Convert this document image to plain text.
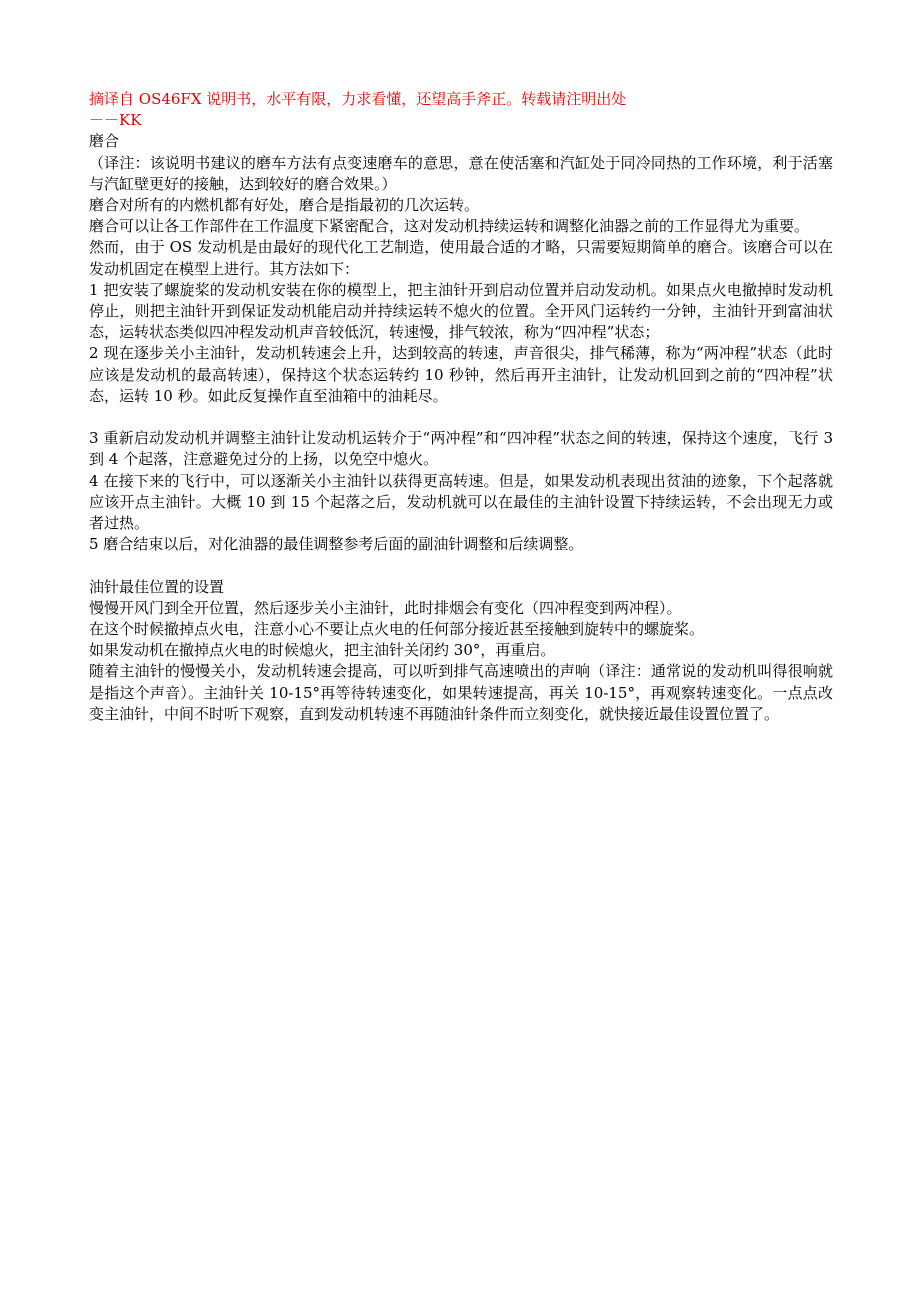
摘译自 OS46FX 说明书，水平有限，力求看懂，还望高手斧正。转载请注明出处

－－KK

磨合

（译注：该说明书建议的磨车方法有点变速磨车的意思，意在使活塞和汽缸处于同冷同热的工作环境，利于活塞与汽缸壁更好的接触，达到较好的磨合效果。）

磨合对所有的内燃机都有好处，磨合是指最初的几次运转。

磨合可以让各工作部件在工作温度下紧密配合，这对发动机持续运转和调整化油器之前的工作显得尤为重要。

然而，由于 OS 发动机是由最好的现代化工艺制造，使用最合适的才略，只需要短期简单的磨合。该磨合可以在发动机固定在模型上进行。其方法如下：

1 把安装了螺旋桨的发动机安装在你的模型上，把主油针开到启动位置并启动发动机。如果点火电撤掉时发动机停止，则把主油针开到保证发动机能启动并持续运转不熄火的位置。全开风门运转约一分钟，主油针开到富油状态，运转状态类似四冲程发动机声音较低沉，转速慢，排气较浓，称为“四冲程”状态；

2 现在逐步关小主油针，发动机转速会上升，达到较高的转速，声音很尖，排气稀薄，称为“两冲程”状态（此时应该是发动机的最高转速），保持这个状态运转约 10 秒钟，然后再开主油针，让发动机回到之前的“四冲程”状态，运转 10 秒。如此反复操作直至油箱中的油耗尽。

3 重新启动发动机并调整主油针让发动机运转介于“两冲程”和“四冲程”状态之间的转速，保持这个速度，飞行 3 到 4 个起落，注意避免过分的上扬，以免空中熄火。

4 在接下来的飞行中，可以逐渐关小主油针以获得更高转速。但是，如果发动机表现出贫油的迹象，下个起落就应该开点主油针。大概 10 到 15 个起落之后，发动机就可以在最佳的主油针设置下持续运转，不会出现无力或者过热。

5 磨合结束以后，对化油器的最佳调整参考后面的副油针调整和后续调整。

油针最佳位置的设置

慢慢开风门到全开位置，然后逐步关小主油针，此时排烟会有变化（四冲程变到两冲程）。

在这个时候撤掉点火电，注意小心不要让点火电的任何部分接近甚至接触到旋转中的螺旋桨。

如果发动机在撤掉点火电的时候熄火，把主油针关闭约 30°，再重启。

随着主油针的慢慢关小，发动机转速会提高，可以听到排气高速喷出的声响（译注：通常说的发动机叫得很响就是指这个声音）。主油针关 10-15°再等待转速变化，如果转速提高，再关 10-15°，再观察转速变化。一点点改变主油针，中间不时听下观察，直到发动机转速不再随油针条件而立刻变化，就快接近最佳设置位置了。
